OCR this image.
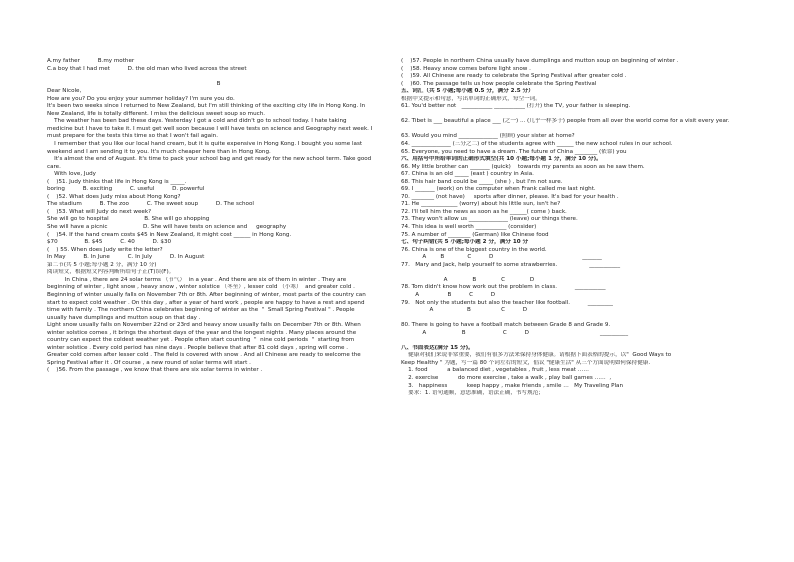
A.my father          B.my mother
C.a boy that I had met          D. the old man who lived across the street
B
Dear Nicole,
How are you? Do you enjoy your summer holiday? I'm sure you do.
It's been two weeks since I returned to New Zealand, but I'm still thinking of the exciting city life in Hong Kong. In
New Zealand, life is totally different. I miss the delicious sweet soup so much.
The weather has been bad these days. Yesterday I got a cold and didn't go to school today. I hate taking
medicine but I have to take it. I must get well soon because I will have tests on science and Geography next week. I
must prepare for the tests this time so that I won't fail again.
I remember that you like our local hand cream, but it is quite expensive in Hong Kong. I bought you some last
weekend and I am sending it to you. It's much cheaper here than in Hong Kong.
It's almost the end of August. It's time to pack your school bag and get ready for the new school term. Take good
care.
With love, Judy
(    )51. Judy thinks that life in Hong Kong is _____.
boring          B. exciting          C. useful          D. powerful
(    )52. What does Judy miss about Hong Kong?
The stadium          B. The zoo          C. The sweet soup          D. The school
(    )53. What will Judy do next week?
She will go to hospital                    B. She will go shopping
She will have a picnic                    D. She will have tests on science and     geography
(    )54. If the hand cream costs $45 in New Zealand, it might cost ______ in Hong Kong.
$70               B. $45          C. 40          D. $30
(    ) 55. When does Judy write the letter?
In May          B. In June          C. In July          D. In August
第二节(共 5 小题;每小题 2 分，满分 10 分)
阅读短文，根据短文内容判断所给句子正(T)误(F)。
In China , there are 24 solar terms （节气）  in a year . And there are six of them in winter . They are
beginning of winter , light snow , heavy snow , winter solstice （冬至）, lesser cold （小寒）  and greater cold .
Beginning of winter usually falls on November 7th or 8th. After beginning of winter, most parts of the country can
start to expect cold weather . On this day , after a year of hard work , people are happy to have a rest and spend
time with family . The northern China celebrates beginning of winter as the  "  Small Spring Festival " . People
usually have dumplings and mutton soup on that day .
Light snow usually falls on November 22nd or 23rd and heavy snow usually falls on December 7th or 8th. When
winter solstice comes , it brings the shortest days of the year and the longest nights . Many places around the
country can expect the coldest weather yet . People often start counting  "  nine cold periods  "  starting from
winter solstice . Every cold period has nine days . People believe that after 81 cold days , spring will come .
Greater cold comes after lesser cold . The field is covered with snow . And all Chinese are ready to welcome the
Spring Festival after it . Of course , a new round of solar terms will start .
(    )56. From the passage , we know that there are six solar terms in winter .
(    )57. People in northern China usually have dumplings and mutton soup on beginning of winter .
(    )58. Heavy snow comes before light snow .
(    )59. All Chinese are ready to celebrate the Spring Festival after greater cold .
(    )60. The passage tells us how people celebrate the Spring Festival
五、词汇（共 5 小题;每小题 0.5 分，满分 2.5 分）
根据中文提示和句意，写出单词的正确形式，每空一词。
61. You'd better not   ___________ ___________ (打开) the TV, your father is sleeping.
62. Tibet is ___ beautiful a place ___ (之一) ... (几乎一样多于) people from all over the world come for a visit every year.
63. Would you mind ______________ (照顾) your sister at home?
64. ______________ (三分之二) of the students agree with ______ the new school rules in our school.
65. Everyone, you need to have a dream. The future of China ________ (依靠) you
六、用括号中所给单词的正确形式填空(共 10 小题;每小题 1 分，满分 10 分)。
66. My little brother can _______ (quick)    towards my parents as soon as he saw them.
67. China is an old _____ (east ) country in Asia.
68. This hair band could be _____ (she ) , but I'm not sure.
69. I _______ (work) on the computer when Frank called me last night.
70. ________ (not have)     sports after dinner, please. It's bad for your health .
71. He _____________ (worry) about his little sun, isn't he?
72. I'll tell him the news as soon as he ______( come ) back.
73. They won't allow us ______________ (leave) our things there.
74. This idea is well worth ___________ (consider)
75. A number of ________ (German) like Chinese food
七、句子纠错(共 5 小题;每小题 2 分，满分 10 分
76. China is one of the biggest country in the world.
A        B             C          D                                                  _______
77.   Mary and Jack, help yourself to some strawberries.                  ___________
A              B              C              D
78. Tom didn't know how work out the problem in class.          ___________
A                B          C          D
79.   Not only the students but also the teacher like football.          _________
A                   B                 C          D
80. There is going to have a football match between Grade 8 and Grade 9.
A                    B                     C          D                                        __________
八、书面表达(满分 15 分)。
健康对我们来说非常重要，我们有很多方法来保持身体健康。请根据下面表格的提示，以"  Good Ways to
Keep Healthy " 为题，写一篇 80 个词左右的短文，倡议 "健康生活" 从三个方面说明如何保持健康.
1. food           a balanced diet , vegetables , fruit , less meat ……
2. exercise           do more exercise , take a walk , play ball games ……  ,
3.   happiness           keep happy , make friends , smile …   My Traveling Plan
要求：1. 语句通顺，意思准确，语法正确，书写规范；
